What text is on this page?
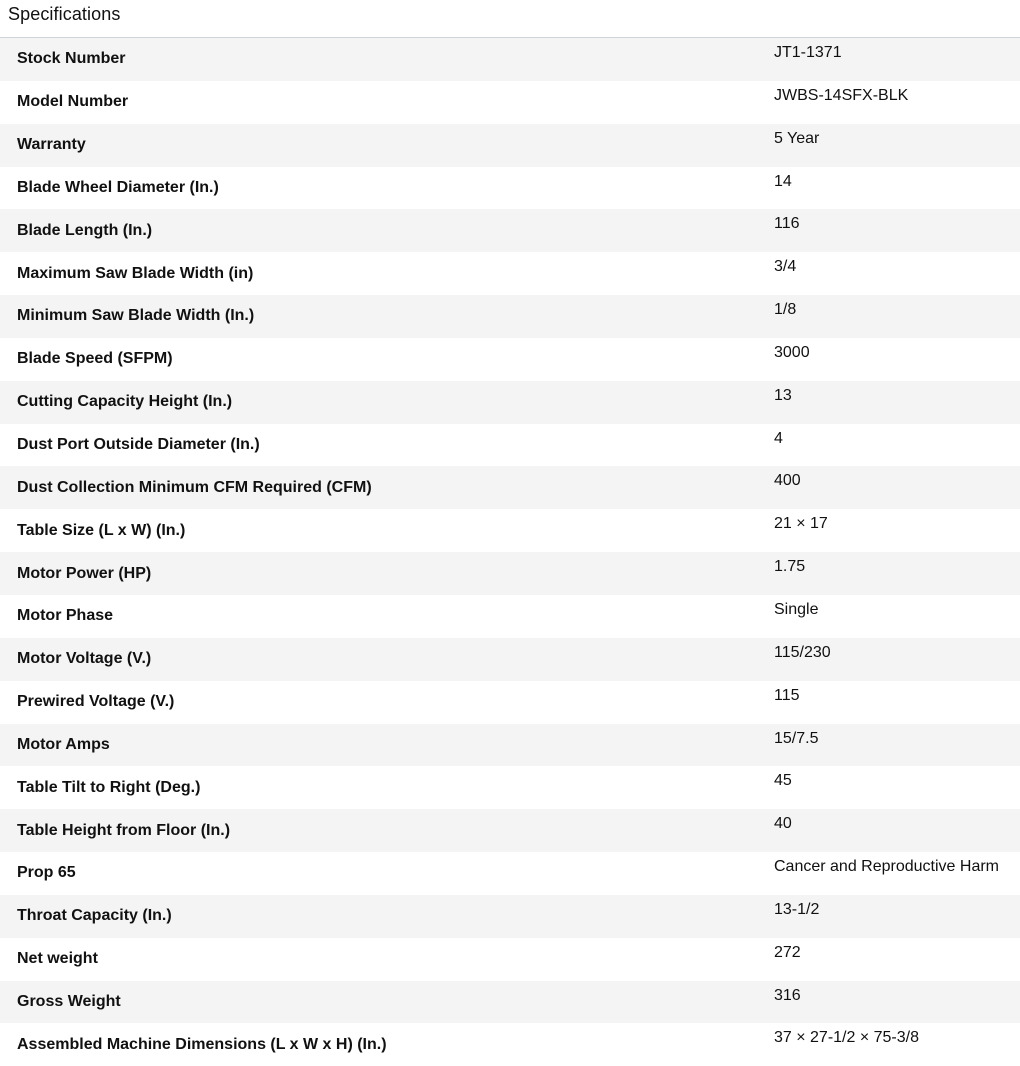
Specifications
Stock Number	JT1-1371
Model Number	JWBS-14SFX-BLK
Warranty	5 Year
Blade Wheel Diameter (In.)	14
Blade Length (In.)	116
Maximum Saw Blade Width (in)	3/4
Minimum Saw Blade Width (In.)	1/8
Blade Speed (SFPM)	3000
Cutting Capacity Height (In.)	13
Dust Port Outside Diameter (In.)	4
Dust Collection Minimum CFM Required (CFM)	400
Table Size (L x W) (In.)	21 × 17
Motor Power (HP)	1.75
Motor Phase	Single
Motor Voltage (V.)	115/230
Prewired Voltage (V.)	115
Motor Amps	15/7.5
Table Tilt to Right (Deg.)	45
Table Height from Floor (In.)	40
Prop 65	Cancer and Reproductive Harm
Throat Capacity (In.)	13-1/2
Net weight	272
Gross Weight	316
Assembled Machine Dimensions (L x W x H) (In.)	37 × 27-1/2 × 75-3/8
